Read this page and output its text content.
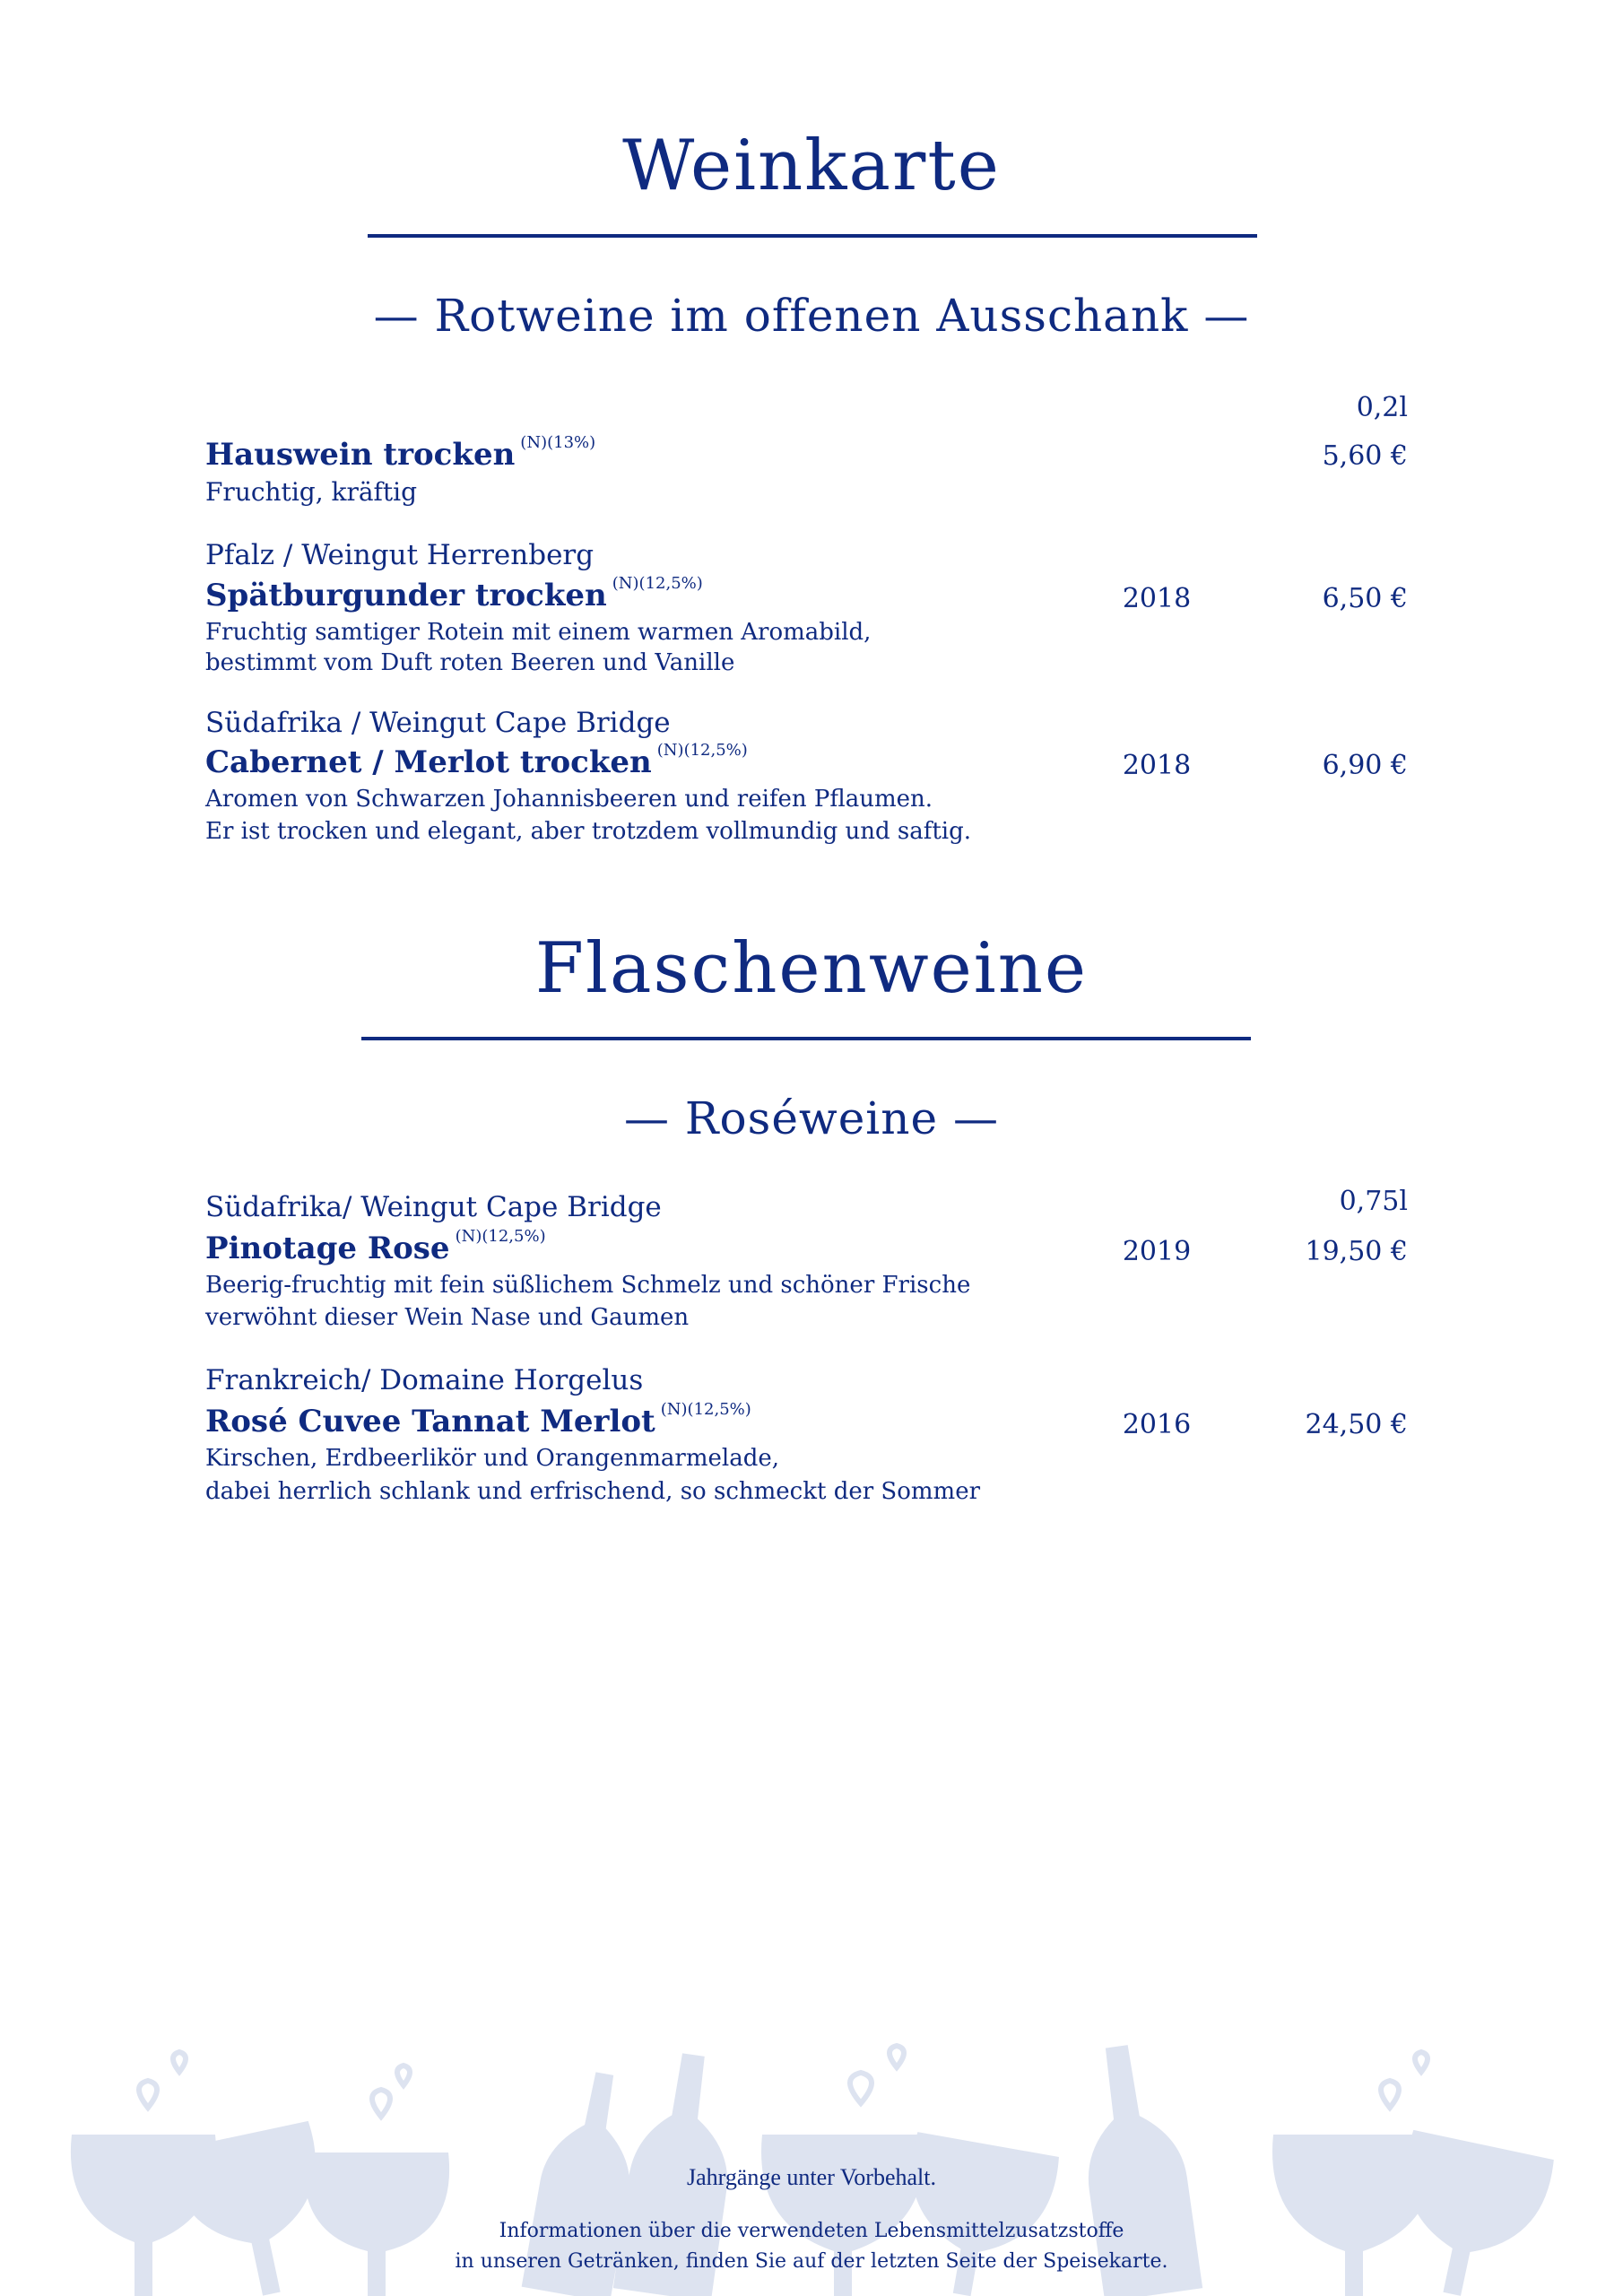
Weinkarte
— Rotweine im offenen Ausschank —
0,2l
Hauswein trocken $^{(N)(13\%)}$	5,60 €
Fruchtig, kräftig
Pfalz / Weingut Herrenberg
Spätburgunder trocken $^{(N)(12,5\%)}$	2018	6,50 €
Fruchtig samtiger Rotein mit einem warmen Aromabild,
bestimmt vom Duft roten Beeren und Vanille
Südafrika / Weingut Cape Bridge
Cabernet / Merlot trocken $^{(N)(12,5\%)}$	2018	6,90 €
Aromen von Schwarzen Johannisbeeren und reifen Pflaumen.
Er ist trocken und elegant, aber trotzdem vollmundig und saftig.
Flaschenweine
— Roséweine —
0,75l
Südafrika/ Weingut Cape Bridge
Pinotage Rose $^{(N)(12,5\%)}$	2019	19,50 €
Beerig-fruchtig mit fein süßlichem Schmelz und schöner Frische
verwöhnt dieser Wein Nase und Gaumen
Frankreich/ Domaine Horgelus
Rosé Cuvee Tannat Merlot $^{(N)(12,5\%)}$	2016	24,50 €
Kirschen, Erdbeerlikör und Orangenmarmelade,
dabei herrlich schlank und erfrischend, so schmeckt der Sommer
Jahrgänge unter Vorbehalt.
Informationen über die verwendeten Lebensmittelzusatzstoffe
in unseren Getränken, finden Sie auf der letzten Seite der Speisekarte.
